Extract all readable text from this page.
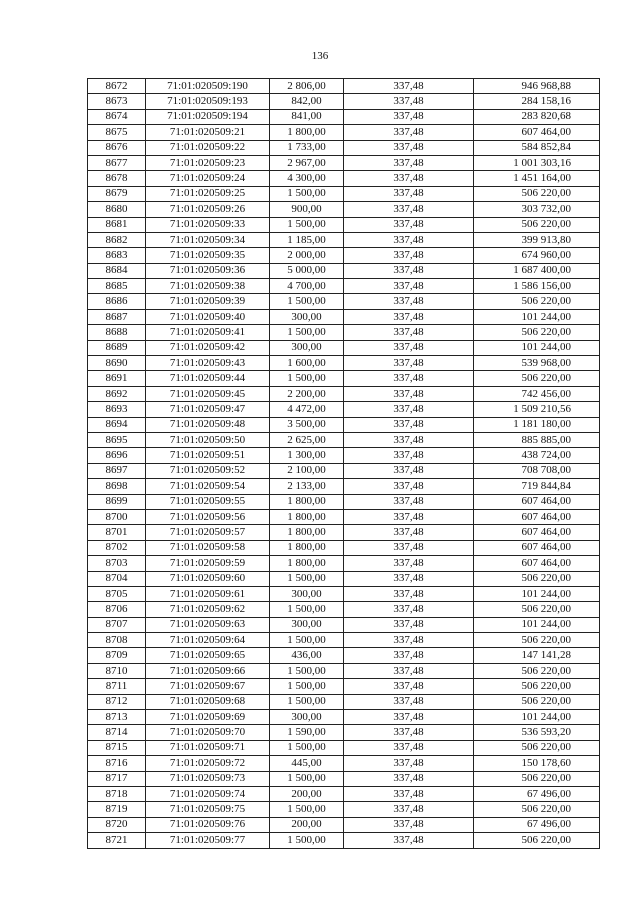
136
8672	71:01:020509:190	2 806,00	337,48	946 968,88
8673	71:01:020509:193	842,00	337,48	284 158,16
8674	71:01:020509:194	841,00	337,48	283 820,68
8675	71:01:020509:21	1 800,00	337,48	607 464,00
8676	71:01:020509:22	1 733,00	337,48	584 852,84
8677	71:01:020509:23	2 967,00	337,48	1 001 303,16
8678	71:01:020509:24	4 300,00	337,48	1 451 164,00
8679	71:01:020509:25	1 500,00	337,48	506 220,00
8680	71:01:020509:26	900,00	337,48	303 732,00
8681	71:01:020509:33	1 500,00	337,48	506 220,00
8682	71:01:020509:34	1 185,00	337,48	399 913,80
8683	71:01:020509:35	2 000,00	337,48	674 960,00
8684	71:01:020509:36	5 000,00	337,48	1 687 400,00
8685	71:01:020509:38	4 700,00	337,48	1 586 156,00
8686	71:01:020509:39	1 500,00	337,48	506 220,00
8687	71:01:020509:40	300,00	337,48	101 244,00
8688	71:01:020509:41	1 500,00	337,48	506 220,00
8689	71:01:020509:42	300,00	337,48	101 244,00
8690	71:01:020509:43	1 600,00	337,48	539 968,00
8691	71:01:020509:44	1 500,00	337,48	506 220,00
8692	71:01:020509:45	2 200,00	337,48	742 456,00
8693	71:01:020509:47	4 472,00	337,48	1 509 210,56
8694	71:01:020509:48	3 500,00	337,48	1 181 180,00
8695	71:01:020509:50	2 625,00	337,48	885 885,00
8696	71:01:020509:51	1 300,00	337,48	438 724,00
8697	71:01:020509:52	2 100,00	337,48	708 708,00
8698	71:01:020509:54	2 133,00	337,48	719 844,84
8699	71:01:020509:55	1 800,00	337,48	607 464,00
8700	71:01:020509:56	1 800,00	337,48	607 464,00
8701	71:01:020509:57	1 800,00	337,48	607 464,00
8702	71:01:020509:58	1 800,00	337,48	607 464,00
8703	71:01:020509:59	1 800,00	337,48	607 464,00
8704	71:01:020509:60	1 500,00	337,48	506 220,00
8705	71:01:020509:61	300,00	337,48	101 244,00
8706	71:01:020509:62	1 500,00	337,48	506 220,00
8707	71:01:020509:63	300,00	337,48	101 244,00
8708	71:01:020509:64	1 500,00	337,48	506 220,00
8709	71:01:020509:65	436,00	337,48	147 141,28
8710	71:01:020509:66	1 500,00	337,48	506 220,00
8711	71:01:020509:67	1 500,00	337,48	506 220,00
8712	71:01:020509:68	1 500,00	337,48	506 220,00
8713	71:01:020509:69	300,00	337,48	101 244,00
8714	71:01:020509:70	1 590,00	337,48	536 593,20
8715	71:01:020509:71	1 500,00	337,48	506 220,00
8716	71:01:020509:72	445,00	337,48	150 178,60
8717	71:01:020509:73	1 500,00	337,48	506 220,00
8718	71:01:020509:74	200,00	337,48	67 496,00
8719	71:01:020509:75	1 500,00	337,48	506 220,00
8720	71:01:020509:76	200,00	337,48	67 496,00
8721	71:01:020509:77	1 500,00	337,48	506 220,00
